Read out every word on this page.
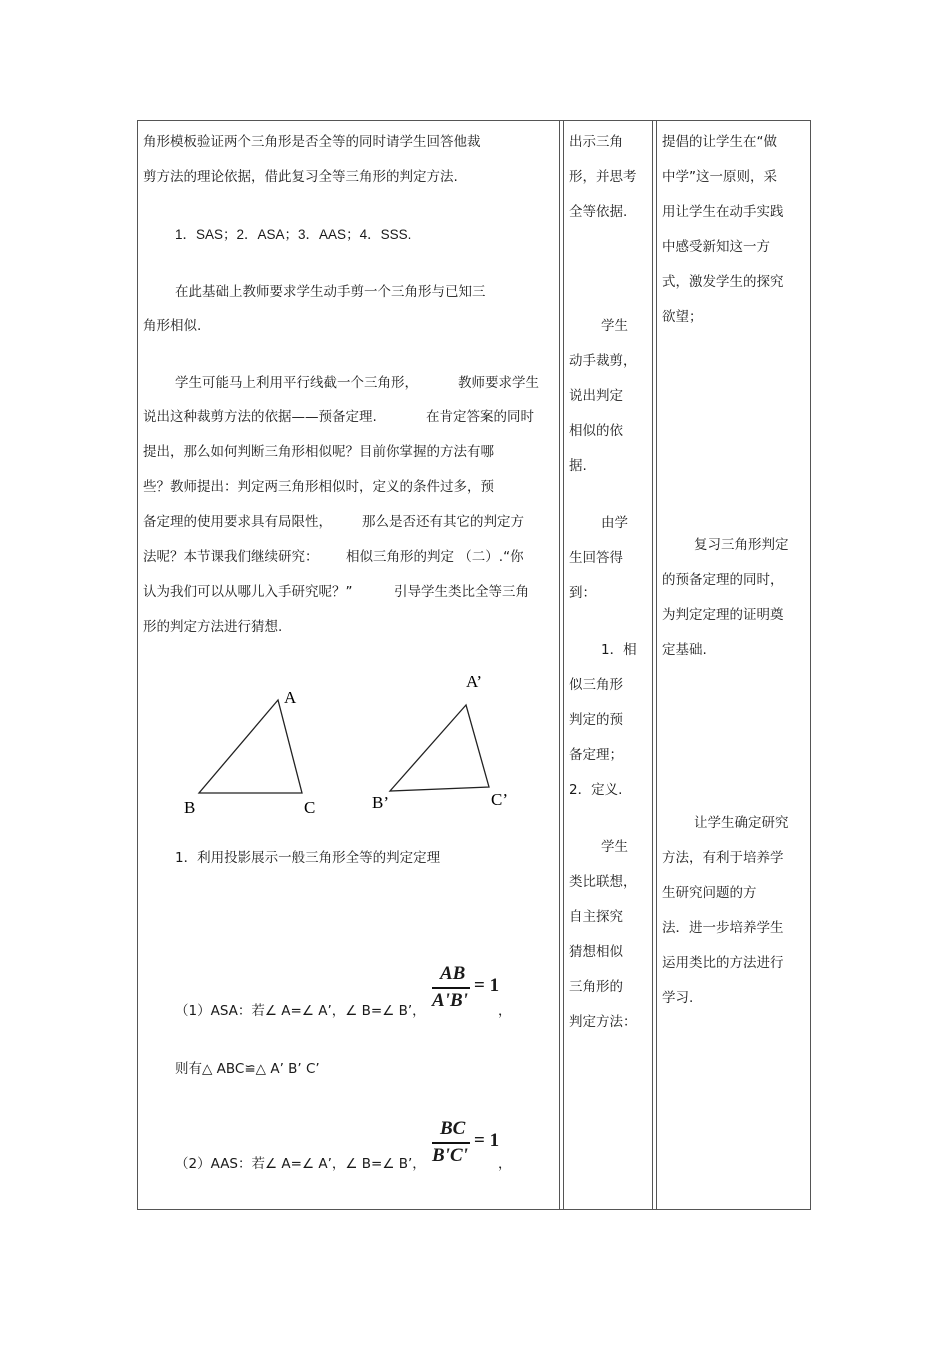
角形模板验证两个三角形是否全等的同时请学生回答他裁
剪方法的理论依据，借此复习全等三角形的判定方法.
1．SAS；2．ASA；3．AAS；4．SSS.
在此基础上教师要求学生动手剪一个三角形与已知三
角形相似.
学生可能马上利用平行线截一个三角形，	教师要求学生
说出这种裁剪方法的依据——预备定理.	在肯定答案的同时
提出，那么如何判断三角形相似呢？目前你掌握的方法有哪
些？教师提出：判定两三角形相似时，定义的条件过多，预
备定理的使用要求具有局限性， 那么是否还有其它的判定方
法呢？本节课我们继续研究： 相似三角形的判定 （二）.“你
认为我们可以从哪儿入手研究呢？”	引导学生类比全等三角
形的判定方法进行猜想.
A
B	C
A’
B’	C’
1．利用投影展示一般三角形全等的判定定理
（1）ASA：若∠ A=∠ A’，∠ B=∠ B’，
AB
A'B'
= 1
，
则有△ ABC≌△ A’ B’ C’
（2）AAS：若∠ A=∠ A’，∠ B=∠ B’，
BC
B'C'
= 1
，
出示三角
形，并思考
全等依据.
学生
动手裁剪，
说出判定
相似的依
据.
由学
生回答得
到：
1．相
似三角形
判定的预
备定理；
2．定义.
学生
类比联想，
自主探究
猜想相似
三角形的
判定方法：
提倡的让学生在“做
中学”这一原则，采
用让学生在动手实践
中感受新知这一方
式，激发学生的探究
欲望；
复习三角形判定
的预备定理的同时，
为判定定理的证明奠
定基础.
让学生确定研究
方法，有利于培养学
生研究问题的方
法．进一步培养学生
运用类比的方法进行
学习.
